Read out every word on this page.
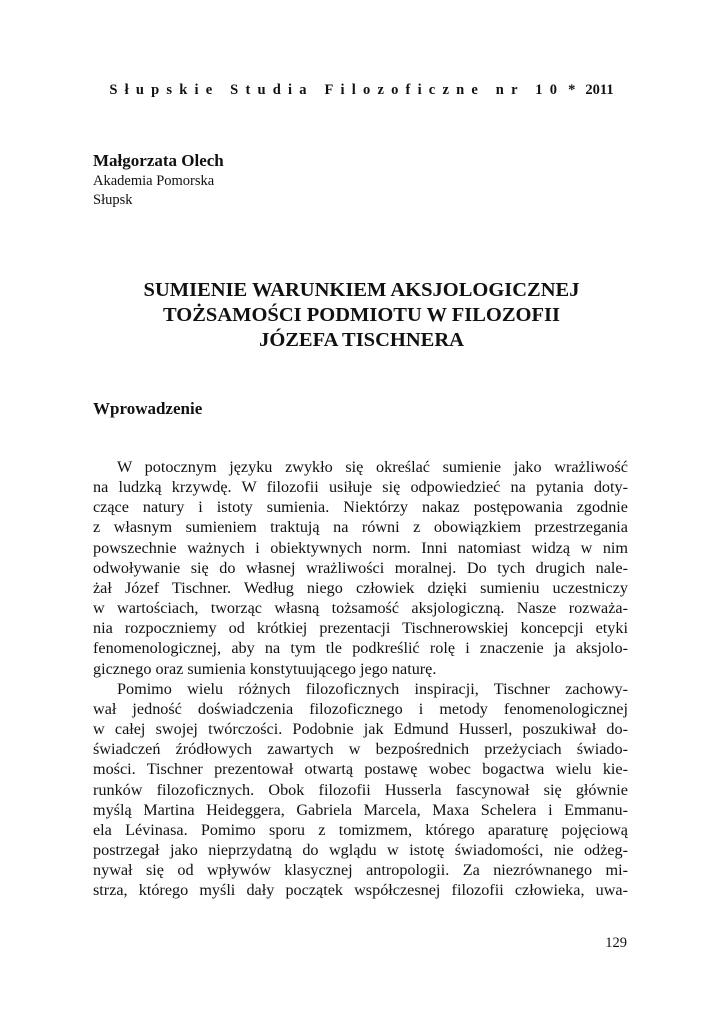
Słupskie Studia Filozoficzne nr 10 * 2011
Małgorzata Olech
Akademia Pomorska
Słupsk
SUMIENIE WARUNKIEM AKSJOLOGICZNEJ
TOŻSAMOŚCI PODMIOTU W FILOZOFII
JÓZEFA TISCHNERA
Wprowadzenie
W potocznym języku zwykło się określać sumienie jako wrażliwość
na ludzką krzywdę. W filozofii usiłuje się odpowiedzieć na pytania doty-
czące natury i istoty sumienia. Niektórzy nakaz postępowania zgodnie
z własnym sumieniem traktują na równi z obowiązkiem przestrzegania
powszechnie ważnych i obiektywnych norm. Inni natomiast widzą w nim
odwoływanie się do własnej wrażliwości moralnej. Do tych drugich nale-
żał Józef Tischner. Według niego człowiek dzięki sumieniu uczestniczy
w wartościach, tworząc własną tożsamość aksjologiczną. Nasze rozważa-
nia rozpoczniemy od krótkiej prezentacji Tischnerowskiej koncepcji etyki
fenomenologicznej, aby na tym tle podkreślić rolę i znaczenie ja aksjolo-
gicznego oraz sumienia konstytuującego jego naturę.
Pomimo wielu różnych filozoficznych inspiracji, Tischner zachowy-
wał jedność doświadczenia filozoficznego i metody fenomenologicznej
w całej swojej twórczości. Podobnie jak Edmund Husserl, poszukiwał do-
świadczeń źródłowych zawartych w bezpośrednich przeżyciach świado-
mości. Tischner prezentował otwartą postawę wobec bogactwa wielu kie-
runków filozoficznych. Obok filozofii Husserla fascynował się głównie
myślą Martina Heideggera, Gabriela Marcela, Maxa Schelera i Emmanu-
ela Lévinasa. Pomimo sporu z tomizmem, którego aparaturę pojęciową
postrzegał jako nieprzydatną do wglądu w istotę świadomości, nie odżeg-
nywał się od wpływów klasycznej antropologii. Za niezrównanego mi-
strza, którego myśli dały początek współczesnej filozofii człowieka, uwa-
129
